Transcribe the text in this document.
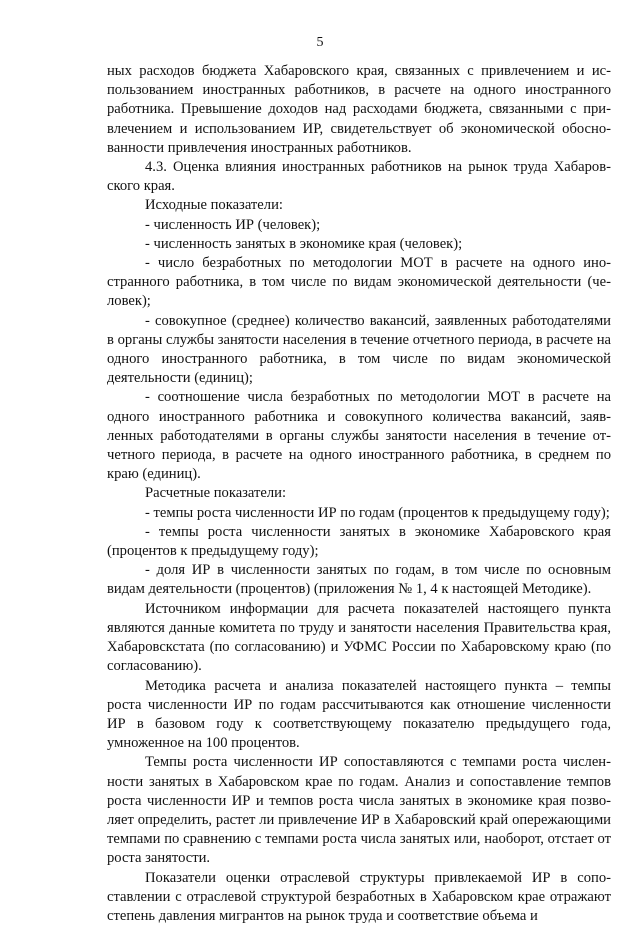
5

ных расходов бюджета Хабаровского края, связанных с привлечением и использованием иностранных работников, в расчете на одного иностранного работника. Превышение доходов над расходами бюджета, связанными с привлечением и использованием ИР, свидетельствует об экономической обоснованности привлечения иностранных работников.

4.3. Оценка влияния иностранных работников на рынок труда Хабаровского края.

Исходные показатели:

- численность ИР (человек);

- численность занятых в экономике края (человек);

- число безработных по методологии МОТ в расчете на одного иностранного работника, в том числе по видам экономической деятельности (человек);

- совокупное (среднее) количество вакансий, заявленных работодателями в органы службы занятости населения в течение отчетного периода, в расчете на одного иностранного работника, в том числе по видам экономической деятельности (единиц);

- соотношение числа безработных по методологии МОТ в расчете на одного иностранного работника и совокупного количества вакансий, заявленных работодателями в органы службы занятости населения в течение отчетного периода, в расчете на одного иностранного работника, в среднем по краю (единиц).

Расчетные показатели:

- темпы роста численности ИР по годам (процентов к предыдущему году);

- темпы роста численности занятых в экономике Хабаровского края (процентов к предыдущему году);

- доля ИР в численности занятых по годам, в том числе по основным видам деятельности (процентов) (приложения № 1, 4 к настоящей Методике).

Источником информации для расчета показателей настоящего пункта являются данные комитета по труду и занятости населения Правительства края, Хабаровскстата (по согласованию) и УФМС России по Хабаровскому краю (по согласованию).

Методика расчета и анализа показателей настоящего пункта – темпы роста численности ИР по годам рассчитываются как отношение численности ИР в базовом году к соответствующему показателю предыдущего года, умноженное на 100 процентов.

Темпы роста численности ИР сопоставляются с темпами роста численности занятых в Хабаровском крае по годам. Анализ и сопоставление темпов роста численности ИР и темпов роста числа занятых в экономике края позволяет определить, растет ли привлечение ИР в Хабаровский край опережающими темпами по сравнению с темпами роста числа занятых или, наоборот, отстает от роста занятости.

Показатели оценки отраслевой структуры привлекаемой ИР в сопоставлении с отраслевой структурой безработных в Хабаровском крае отражают степень давления мигрантов на рынок труда и соответствие объема и
